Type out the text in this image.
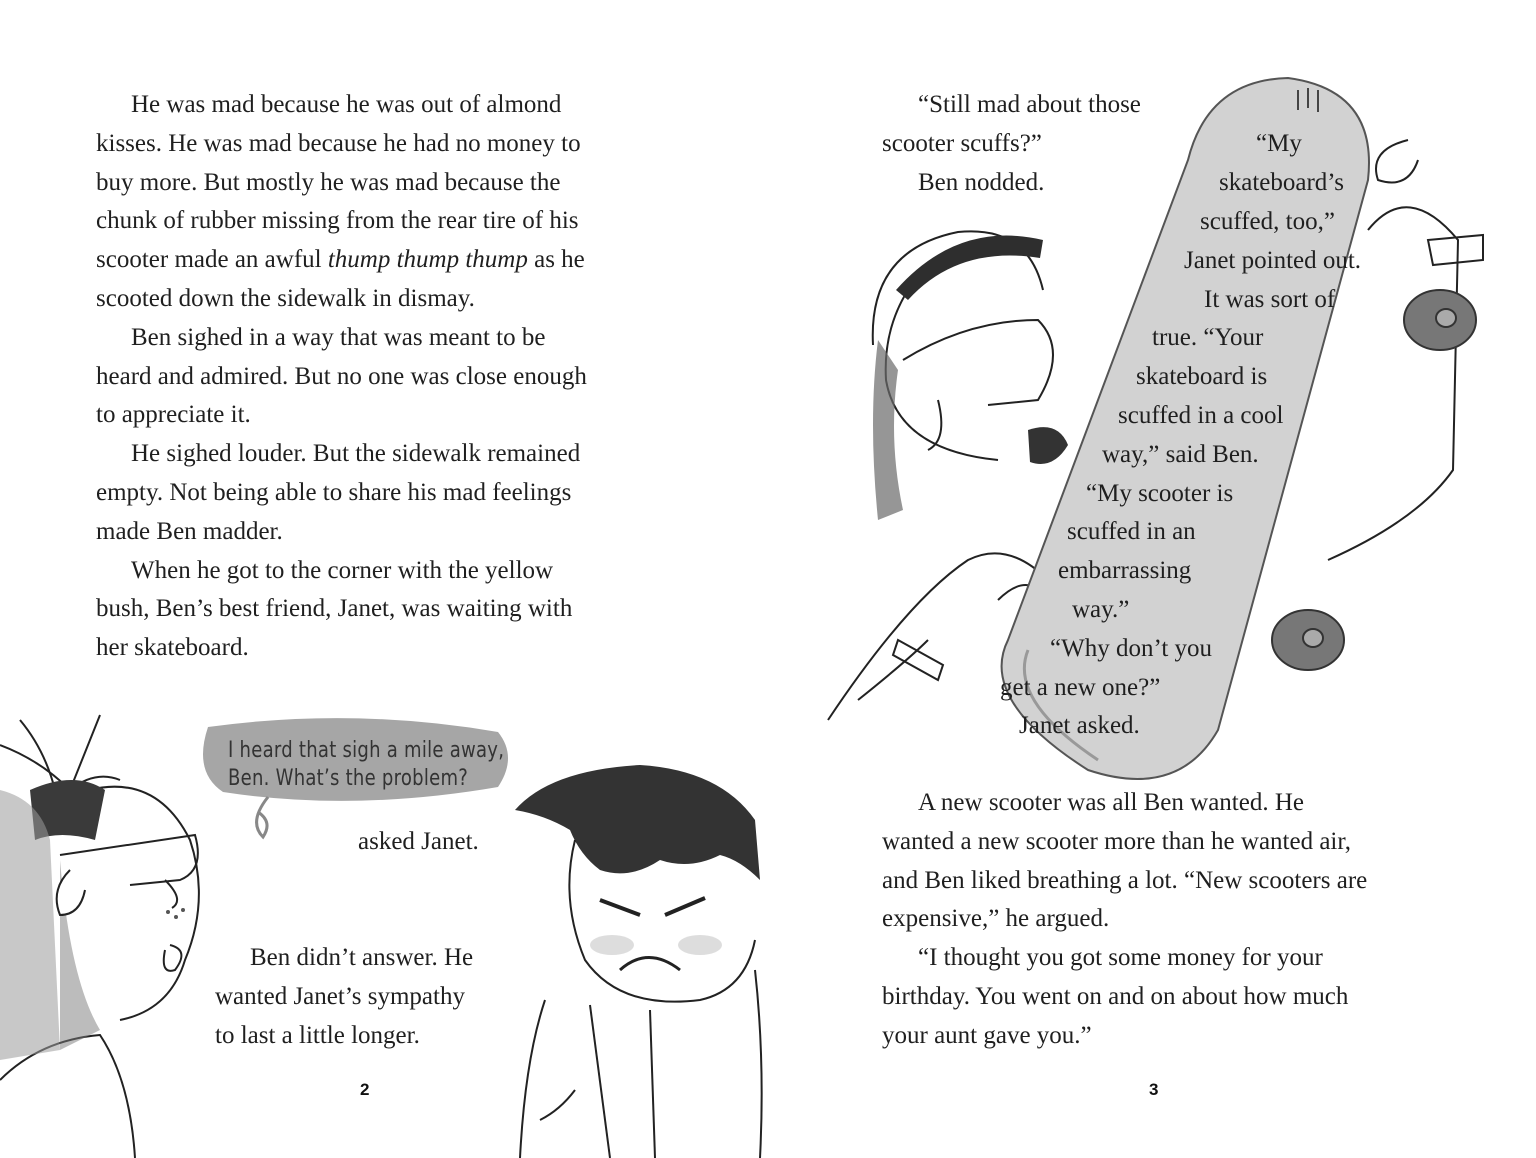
I heard that sigh a mile away,
Ben. What’s the problem?
He was mad because he was out of almond
kisses. He was mad because he had no money to
buy more. But mostly he was mad because the
chunk of rubber missing from the rear tire of his
scooter made an awful thump thump thump as he
scooted down the sidewalk in dismay.
Ben sighed in a way that was meant to be
heard and admired. But no one was close enough
to appreciate it.
He sighed louder. But the sidewalk remained
empty. Not being able to share his mad feelings
made Ben madder.
When he got to the corner with the yellow
bush, Ben’s best friend, Janet, was waiting with
her skateboard.
asked Janet.
Ben didn’t answer. He
wanted Janet’s sympathy
to last a little longer.
2
“Still mad about those
scooter scuffs?”
Ben nodded.
“My
skateboard’s
scuffed, too,”
Janet pointed out.
It was sort of
true. “Your
skateboard is
scuffed in a cool
way,” said Ben.
“My scooter is
scuffed in an
embarrassing
way.”
“Why don’t you
get a new one?”
Janet asked.
A new scooter was all Ben wanted. He
wanted a new scooter more than he wanted air,
and Ben liked breathing a lot. “New scooters are
expensive,” he argued.
“I thought you got some money for your
birthday. You went on and on about how much
your aunt gave you.”
3
